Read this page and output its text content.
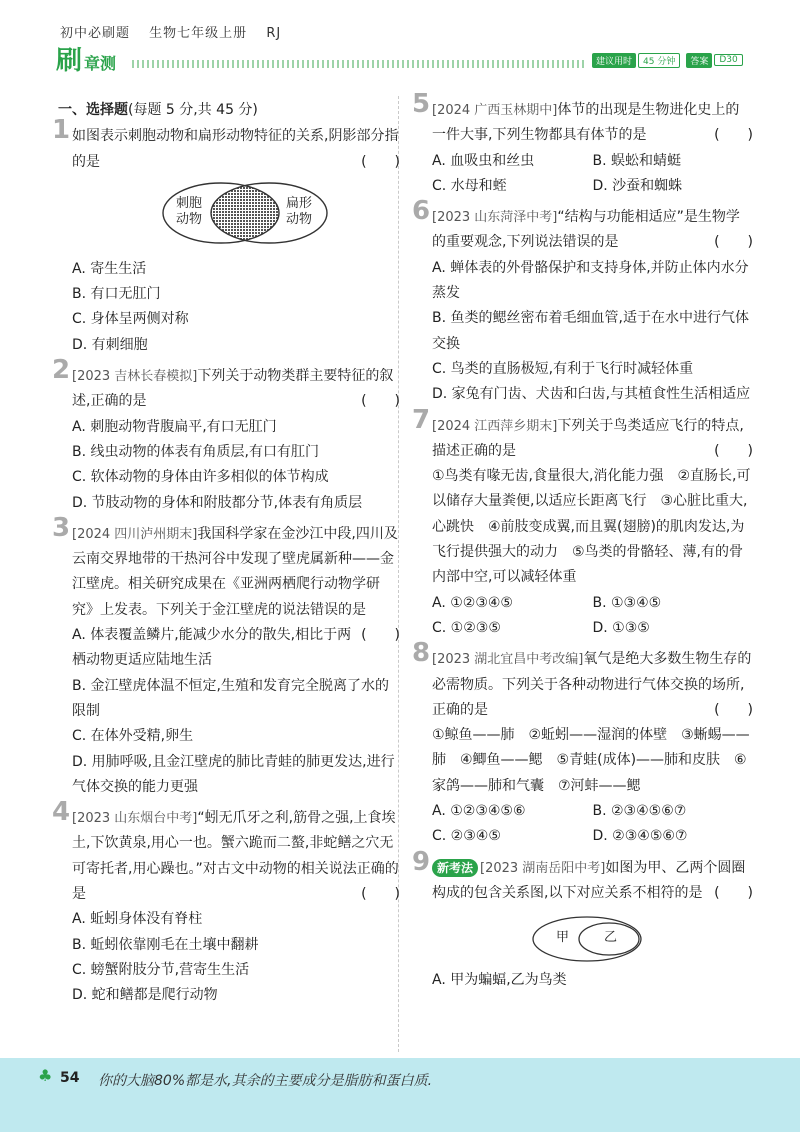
初中必刷题 生物七年级上册 RJ
刷章测	建议用时	45 分钟	答案	D30
一、选择题(每题 5 分,共 45 分)
1 如图表示刺胞动物和扁形动物特征的关系,阴影部分指的是	(　　)
刺胞
动物
扁形
动物
A. 寄生生活
B. 有口无肛门
C. 身体呈两侧对称
D. 有刺细胞
2 [2023 吉林长春模拟]下列关于动物类群主要特征的叙述,正确的是	(　　)
A. 刺胞动物背腹扁平,有口无肛门
B. 线虫动物的体表有角质层,有口有肛门
C. 软体动物的身体由许多相似的体节构成
D. 节肢动物的身体和附肢都分节,体表有角质层
3 [2024 四川泸州期末]我国科学家在金沙江中段,四川及云南交界地带的干热河谷中发现了壁虎属新种——金江壁虎。相关研究成果在《亚洲两栖爬行动物学研究》上发表。下列关于金江壁虎的说法错误的是
(　　)
A. 体表覆盖鳞片,能减少水分的散失,相比于两栖动物更适应陆地生活
B. 金江壁虎体温不恒定,生殖和发育完全脱离了水的限制
C. 在体外受精,卵生
D. 用肺呼吸,且金江壁虎的肺比青蛙的肺更发达,进行气体交换的能力更强
4 [2023 山东烟台中考]“蚓无爪牙之利,筋骨之强,上食埃土,下饮黄泉,用心一也。蟹六跪而二螯,非蛇鳝之穴无可寄托者,用心躁也。”对古文中动物的相关说法正确的是	(　　)
A. 蚯蚓身体没有脊柱
B. 蚯蚓依靠刚毛在土壤中翻耕
C. 螃蟹附肢分节,营寄生生活
D. 蛇和鳝都是爬行动物
5 [2024 广西玉林期中]体节的出现是生物进化史上的一件大事,下列生物都具有体节的是	(　　)
A. 血吸虫和丝虫	B. 蜈蚣和蜻蜓
C. 水母和蛭	D. 沙蚕和蜘蛛
6 [2023 山东菏泽中考]“结构与功能相适应”是生物学的重要观念,下列说法错误的是	(　　)
A. 蝉体表的外骨骼保护和支持身体,并防止体内水分蒸发
B. 鱼类的鳃丝密布着毛细血管,适于在水中进行气体交换
C. 鸟类的直肠极短,有利于飞行时减轻体重
D. 家兔有门齿、犬齿和臼齿,与其植食性生活相适应
7 [2024 江西萍乡期末]下列关于鸟类适应飞行的特点,描述正确的是	(　　)
①鸟类有喙无齿,食量很大,消化能力强　②直肠长,可以储存大量粪便,以适应长距离飞行　③心脏比重大,心跳快　④前肢变成翼,而且翼(翅膀)的肌肉发达,为飞行提供强大的动力　⑤鸟类的骨骼轻、薄,有的骨内部中空,可以减轻体重
A. ①②③④⑤	B. ①③④⑤
C. ①②③⑤	D. ①③⑤
8 [2023 湖北宜昌中考改编]氧气是绝大多数生物生存的必需物质。下列关于各种动物进行气体交换的场所,正确的是	(　　)
①鲸鱼——肺　②蚯蚓——湿润的体壁　③蜥蜴——肺　④鲫鱼——鳃　⑤青蛙(成体)——肺和皮肤　⑥家鸽——肺和气囊　⑦河蚌——鳃
A. ①②③④⑤⑥	B. ②③④⑤⑥⑦
C. ②③④⑤	D. ②③④⑤⑥⑦
9 新考法 [2023 湖南岳阳中考]如图为甲、乙两个圆圈构成的包含关系图,以下对应关系不相符的是 (　　)
甲	乙
A. 甲为蝙蝠,乙为鸟类
♣ 54 你的大脑80%都是水,其余的主要成分是脂肪和蛋白质.
